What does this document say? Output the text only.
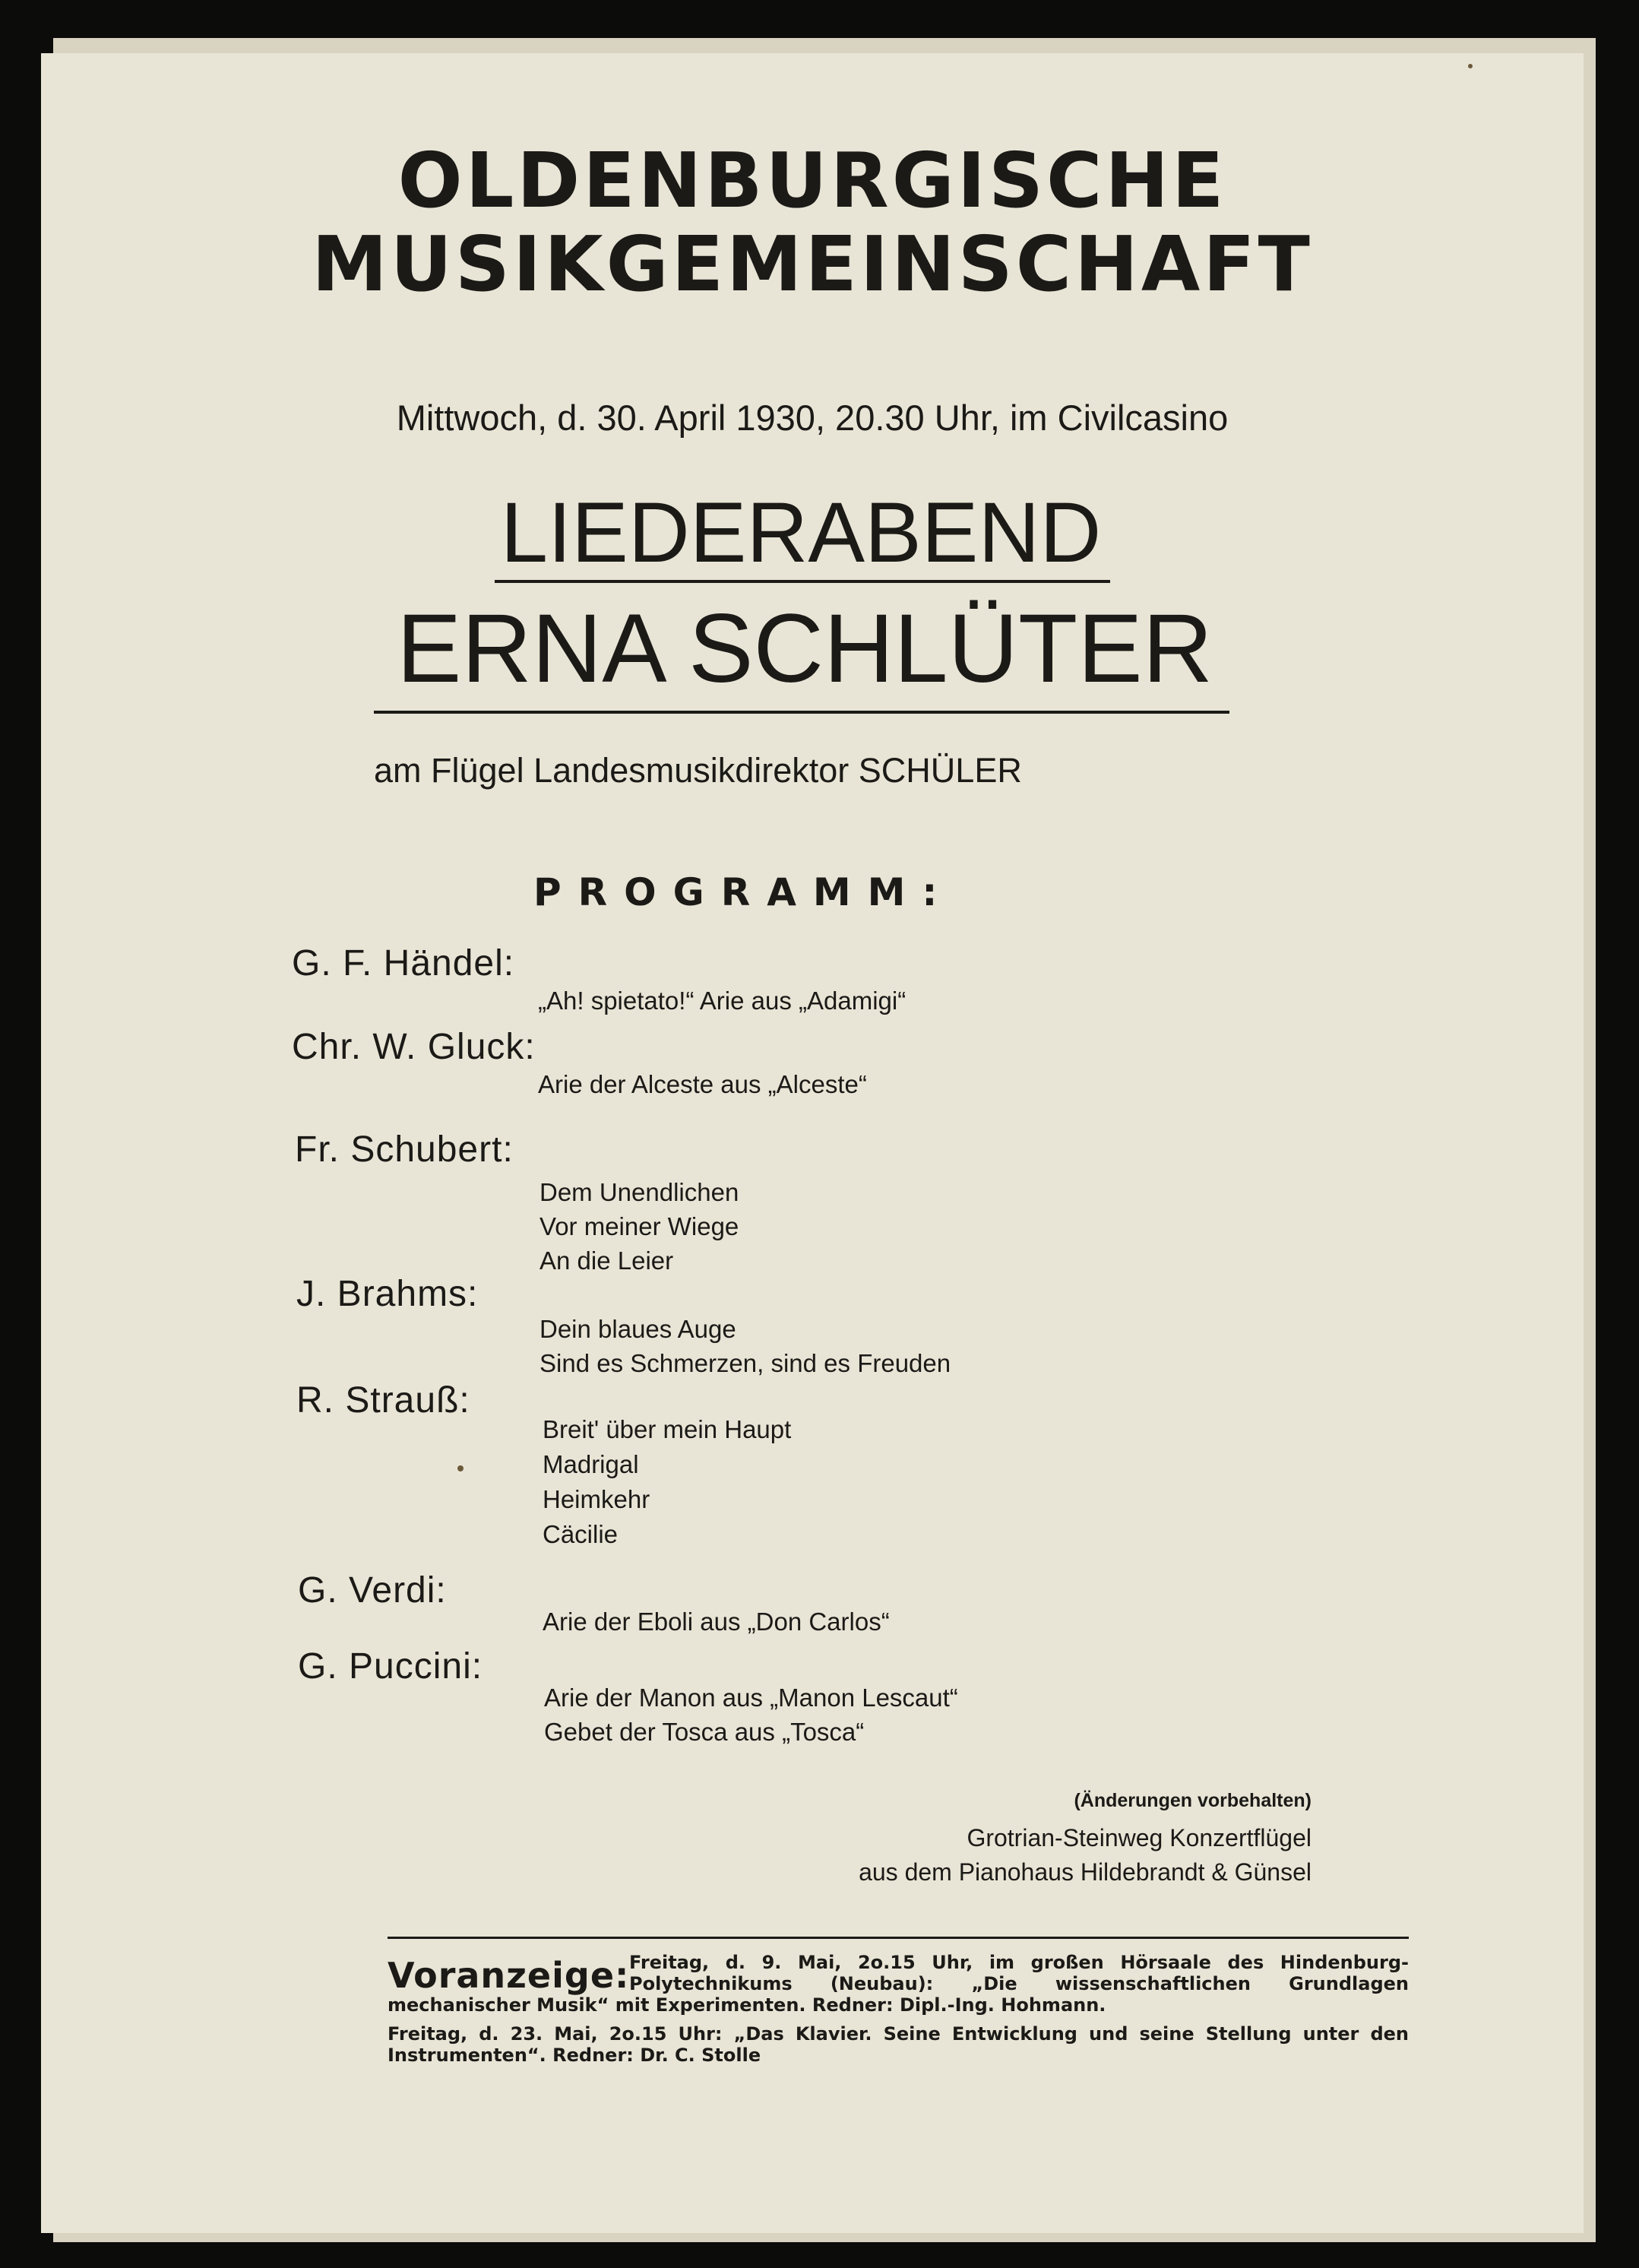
OLDENBURGISCHE
MUSIKGEMEINSCHAFT
Mittwoch, d. 30. April 1930, 20.30 Uhr, im Civilcasino
LIEDERABEND
ERNA SCHLÜTER
am Flügel Landesmusikdirektor SCHÜLER
PROGRAMM:
G. F. Händel:
„Ah! spietato!“ Arie aus „Adamigi“
Chr. W. Gluck:
Arie der Alceste aus „Alceste“
Fr. Schubert:
Dem Unendlichen
Vor meiner Wiege
An die Leier
J. Brahms:
Dein blaues Auge
Sind es Schmerzen, sind es Freuden
R. Strauß:
Breit' über mein Haupt
Madrigal
Heimkehr
Cäcilie
G. Verdi:
Arie der Eboli aus „Don Carlos“
G. Puccini:
Arie der Manon aus „Manon Lescaut“
Gebet der Tosca aus „Tosca“
(Änderungen vorbehalten)
Grotrian-Steinweg Konzertflügel
aus dem Pianohaus Hildebrandt & Günsel
Voranzeige: Freitag, d. 9. Mai, 2o.15 Uhr, im großen Hörsaale des Hindenburg-
Polytechnikums (Neubau): „Die wissenschaftlichen Grundlagen
mechanischer Musik“ mit Experimenten. Redner: Dipl.-Ing. Hohmann.
Freitag, d. 23. Mai, 2o.15 Uhr: „Das Klavier. Seine Entwicklung und seine Stellung unter den
Instrumenten“. Redner: Dr. C. Stolle
